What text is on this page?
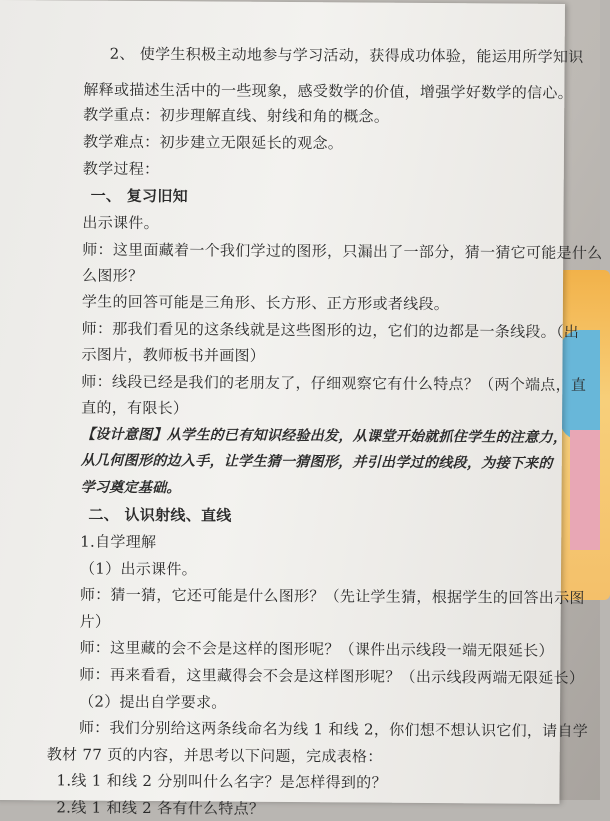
2、 使学生积极主动地参与学习活动，获得成功体验，能运用所学知识
解释或描述生活中的一些现象，感受数学的价值，增强学好数学的信心。
教学重点：初步理解直线、射线和角的概念。
教学难点：初步建立无限延长的观念。
教学过程：
一、 复习旧知
出示课件。
师：这里面藏着一个我们学过的图形，只漏出了一部分，猜一猜它可能是什么
么图形？
学生的回答可能是三角形、长方形、正方形或者线段。
师：那我们看见的这条线就是这些图形的边，它们的边都是一条线段。（出
示图片，教师板书并画图）
师：线段已经是我们的老朋友了，仔细观察它有什么特点？（两个端点，直
直的，有限长）
【设计意图】从学生的已有知识经验出发，从课堂开始就抓住学生的注意力，
从几何图形的边入手，让学生猜一猜图形，并引出学过的线段，为接下来的
学习奠定基础。
二、 认识射线、直线
1.自学理解
（1）出示课件。
师：猜一猜，它还可能是什么图形？（先让学生猜，根据学生的回答出示图
片）
师：这里藏的会不会是这样的图形呢？（课件出示线段一端无限延长）
师：再来看看，这里藏得会不会是这样图形呢？（出示线段两端无限延长）
（2）提出自学要求。
师：我们分别给这两条线命名为线 1 和线 2，你们想不想认识它们，请自学
教材 77 页的内容，并思考以下问题，完成表格：
1.线 1 和线 2 分别叫什么名字？是怎样得到的？
2.线 1 和线 2 各有什么特点？
